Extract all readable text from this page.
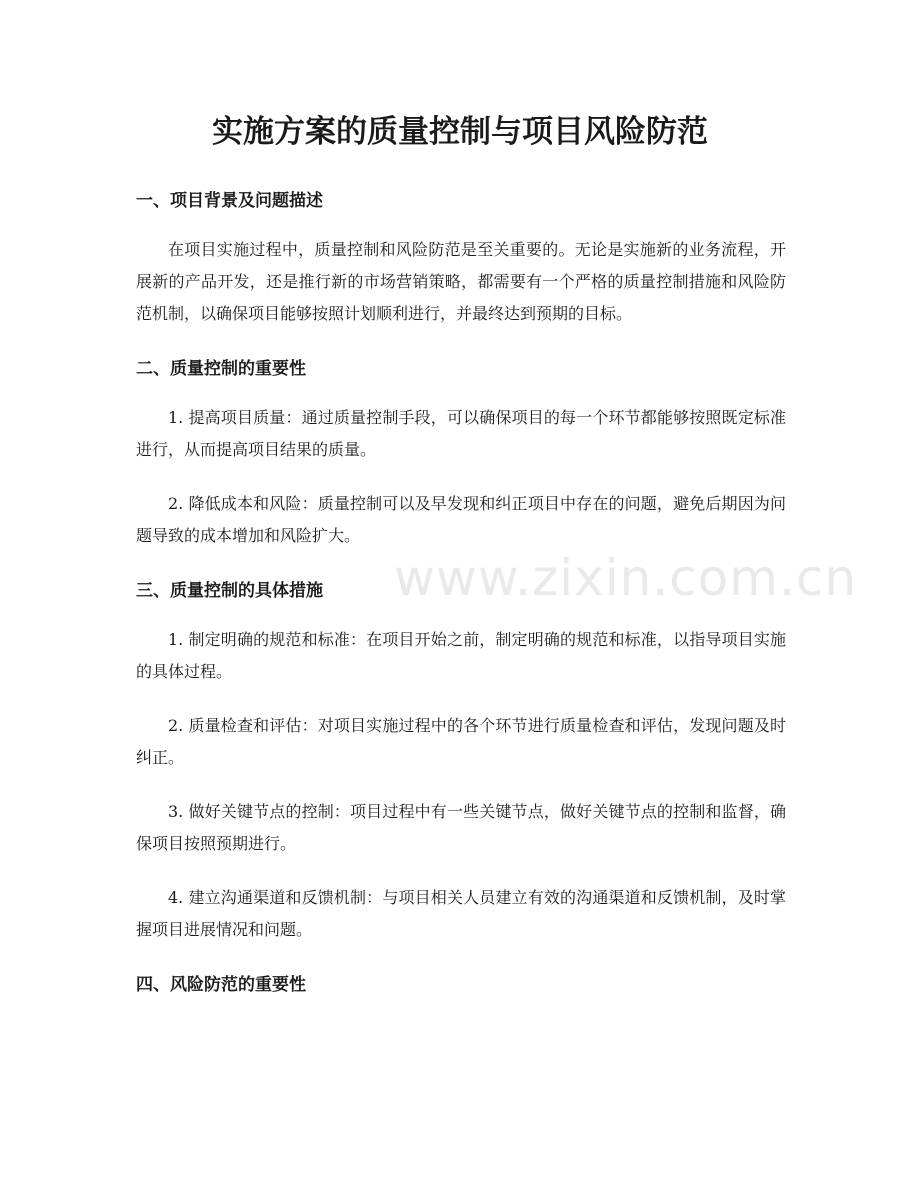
实施方案的质量控制与项目风险防范
一、项目背景及问题描述

在项目实施过程中，质量控制和风险防范是至关重要的。无论是实施新的业务流程，开展新的产品开发，还是推行新的市场营销策略，都需要有一个严格的质量控制措施和风险防范机制，以确保项目能够按照计划顺利进行，并最终达到预期的目标。

二、质量控制的重要性

1. 提高项目质量：通过质量控制手段，可以确保项目的每一个环节都能够按照既定标准进行，从而提高项目结果的质量。

2. 降低成本和风险：质量控制可以及早发现和纠正项目中存在的问题，避免后期因为问题导致的成本增加和风险扩大。

三、质量控制的具体措施

1. 制定明确的规范和标准：在项目开始之前，制定明确的规范和标准，以指导项目实施的具体过程。

2. 质量检查和评估：对项目实施过程中的各个环节进行质量检查和评估，发现问题及时纠正。

3. 做好关键节点的控制：项目过程中有一些关键节点，做好关键节点的控制和监督，确保项目按照预期进行。

4. 建立沟通渠道和反馈机制：与项目相关人员建立有效的沟通渠道和反馈机制，及时掌握项目进展情况和问题。

四、风险防范的重要性
www.zixin.com.cn
